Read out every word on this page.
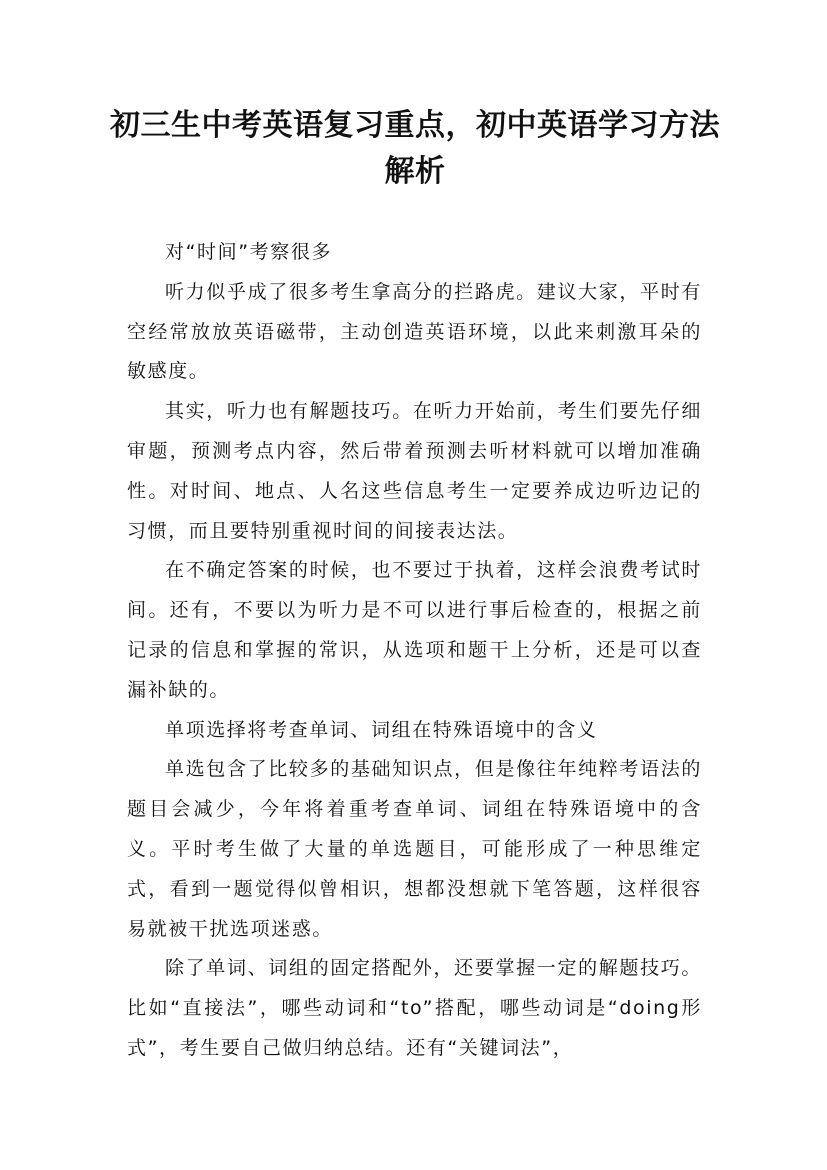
初三生中考英语复习重点，初中英语学习方法解析

对“时间”考察很多

听力似乎成了很多考生拿高分的拦路虎。建议大家，平时有空经常放放英语磁带，主动创造英语环境，以此来刺激耳朵的敏感度。

其实，听力也有解题技巧。在听力开始前，考生们要先仔细审题，预测考点内容，然后带着预测去听材料就可以增加准确性。对时间、地点、人名这些信息考生一定要养成边听边记的习惯，而且要特别重视时间的间接表达法。

在不确定答案的时候，也不要过于执着，这样会浪费考试时间。还有，不要以为听力是不可以进行事后检查的，根据之前记录的信息和掌握的常识，从选项和题干上分析，还是可以查漏补缺的。

单项选择将考查单词、词组在特殊语境中的含义

单选包含了比较多的基础知识点，但是像往年纯粹考语法的题目会减少，今年将着重考查单词、词组在特殊语境中的含义。平时考生做了大量的单选题目，可能形成了一种思维定式，看到一题觉得似曾相识，想都没想就下笔答题，这样很容易就被干扰选项迷惑。

除了单词、词组的固定搭配外，还要掌握一定的解题技巧。比如“直接法”，哪些动词和“to”搭配，哪些动词是“doing形式”，考生要自己做归纳总结。还有“关键词法”，
